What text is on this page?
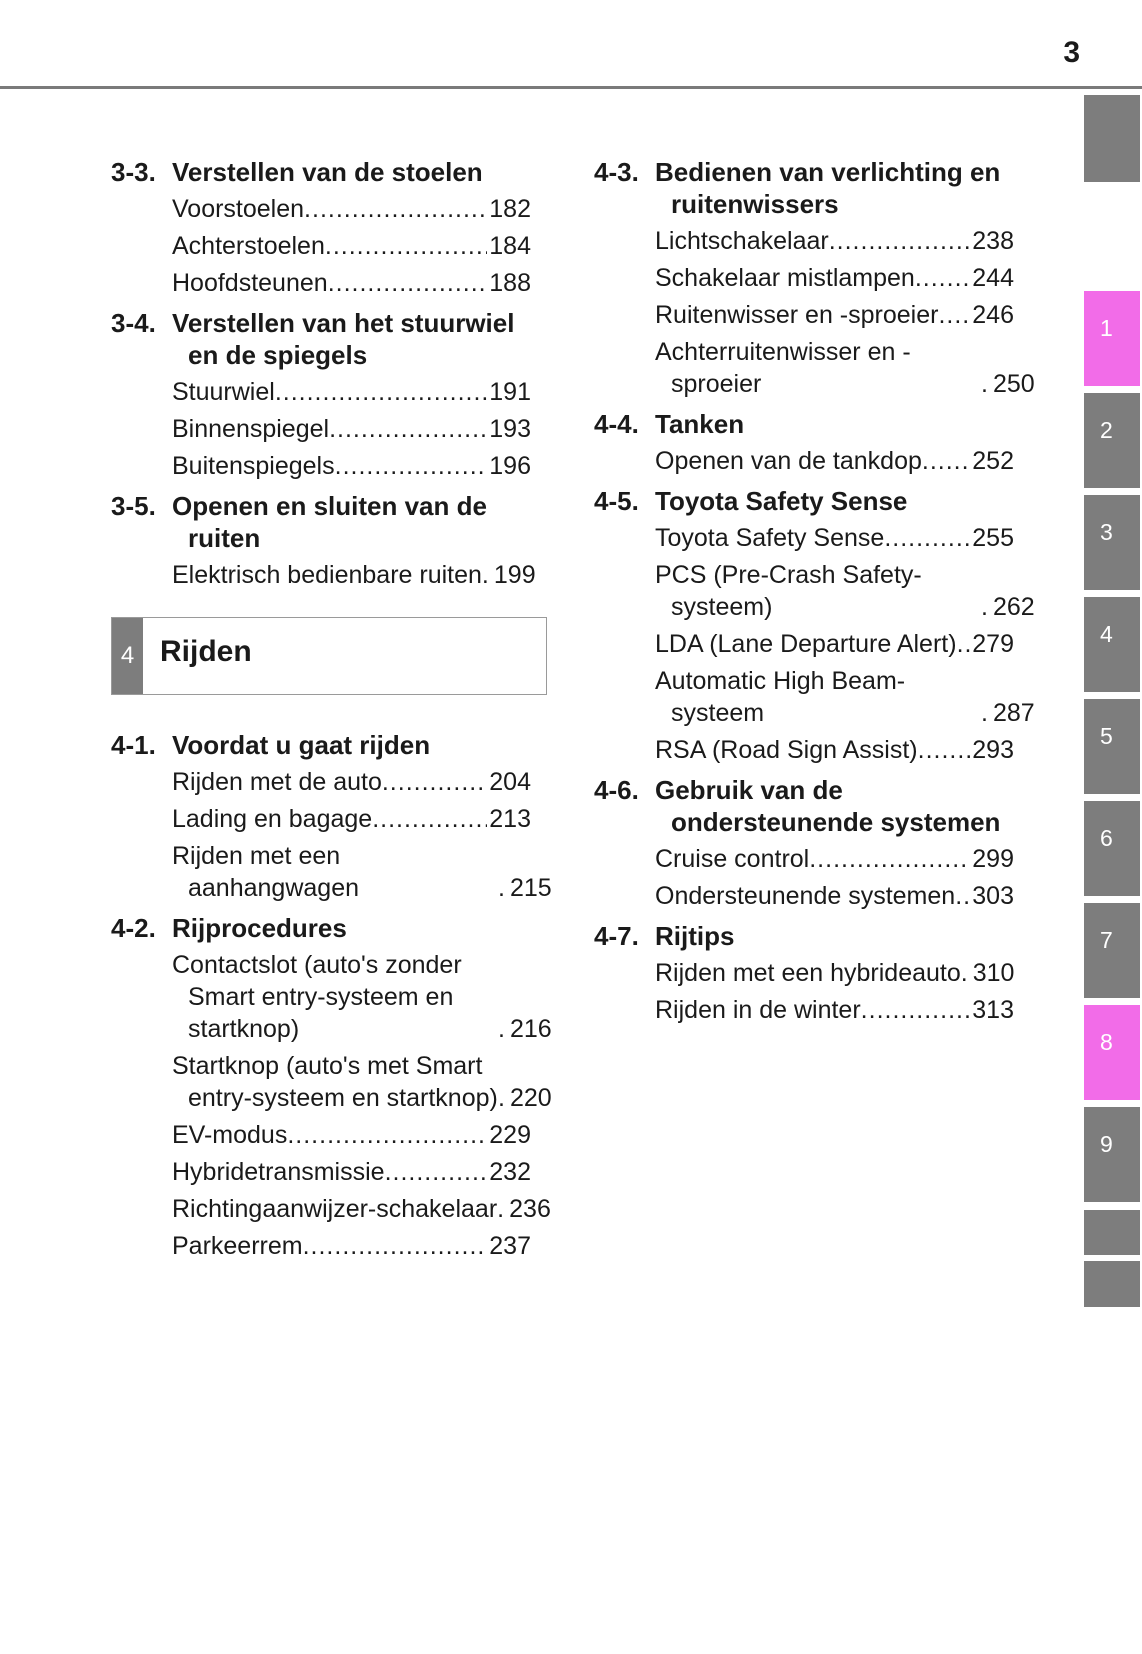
3
3-3. Verstellen van de stoelen
Voorstoelen .....	182
Achterstoelen .....	184
Hoofdsteunen .....	188
3-4. Verstellen van het stuurwiel en de spiegels
Stuurwiel .....	191
Binnenspiegel .....	193
Buitenspiegels .....	196
3-5. Openen en sluiten van de ruiten
Elektrisch bedienbare ruiten ..... 199
4 Rijden
4-1. Voordat u gaat rijden
Rijden met de auto .....	204
Lading en bagage .....	213
Rijden met een aanhangwagen .....	215
4-2. Rijprocedures
Contactslot (auto's zonder Smart entry-systeem en startknop) .....	216
Startknop (auto's met Smart entry-systeem en startknop) ..... 220
EV-modus .....	229
Hybridetransmissie .....	232
Richtingaanwijzer-schakelaar ..... 236
Parkeerrem .....	237
4-3. Bedienen van verlichting en ruitenwissers
Lichtschakelaar .....	238
Schakelaar mistlampen ..... 244
Ruitenwisser en -sproeier ..... 246
Achterruitenwisser en -sproeier .....	250
4-4. Tanken
Openen van de tankdop ..... 252
4-5. Toyota Safety Sense
Toyota Safety Sense .....	255
PCS (Pre-Crash Safety-systeem) .....	262
LDA (Lane Departure Alert) ..... 279
Automatic High Beam-systeem .....	287
RSA (Road Sign Assist) ..... 293
4-6. Gebruik van de ondersteunende systemen
Cruise control .....	299
Ondersteunende systemen ..... 303
4-7. Rijtips
Rijden met een hybrideauto ..... 310
Rijden in de winter .....	313
1
2
3
4
5
6
7
8
9
